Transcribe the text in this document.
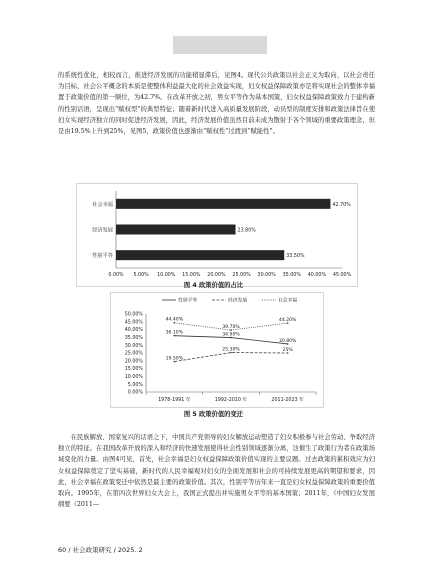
的系统性优化，相较而言，推进经济发展的功能稍显滞后，见图4。现代公共政策以社会正义为取向、以社会责任为目标，社会公平概念的本质是使整体利益最大化的社会效益实现，妇女权益保障政策亦是将实现社会的整体幸福置于政策价值的第一顺位，为42.7%。在改革开放之初，男女平等作为基本国策，妇女权益保障政策致力于建构新的性别话语，呈现出“赋权型”的典型特征；随着新时代进入高质量发展阶段，动员型的制度安排和政策法律旨在使妇女实现经济独立的同时促进经济发展，因此，经济发展价值虽然目前未成为散射于各个领域的重要政策理念，但是由19.5%上升到25%，见图5，政策价值也逐渐由“赋权性”过渡到“赋能性”。

社会幸福	42.70%
经济发展	23.80%
性别平等	33.50%
0.00% 5.00% 10.00% 15.00% 20.00% 25.00% 30.00% 35.00% 40.00% 45.00%
图 4 政策价值的占比
0.00%
5.00%
10.00%
15.00%
20.00%
25.00%
30.00%
35.00%
40.00%
45.00%
50.00%
1978-1991 年	1992-2010 年	2011-2023 年
36.10%	34.90%
30.80%
性别平等
19.50%
25.30%	25%
经济发展
44.40%
39.70%
44.20%
社会幸福
图 5 政策价值的变迁

在民族解放、国家复兴的话语之下，中国共产党领导的妇女解放运动塑造了妇女积极参与社会劳动、争取经济独立的特征。在我国改革开放的深入和经济的快速发展使得社会性别领域逐渐分离，这催生了政策行为者在政策场域变化的力量。由图4可见，首先，社会幸福是妇女权益保障政策价值实现的主要议题。过去政策的累积效应为妇女权益保障奠定了坚实基础，新时代的人民幸福观对妇女的全面发展和社会的可持续发展更高的期望和要求，因此，社会幸福在政策变迁中依然是最主要的政策价值。其次，性别平等历年来一直是妇女权益保障政策的重要价值取向。1995年，在第四次世界妇女大会上，我国正式提出并实施男女平等的基本国策；2011年，《中国妇女发展纲要（2011—

60 / 社会政策研究 / 2025. 2
